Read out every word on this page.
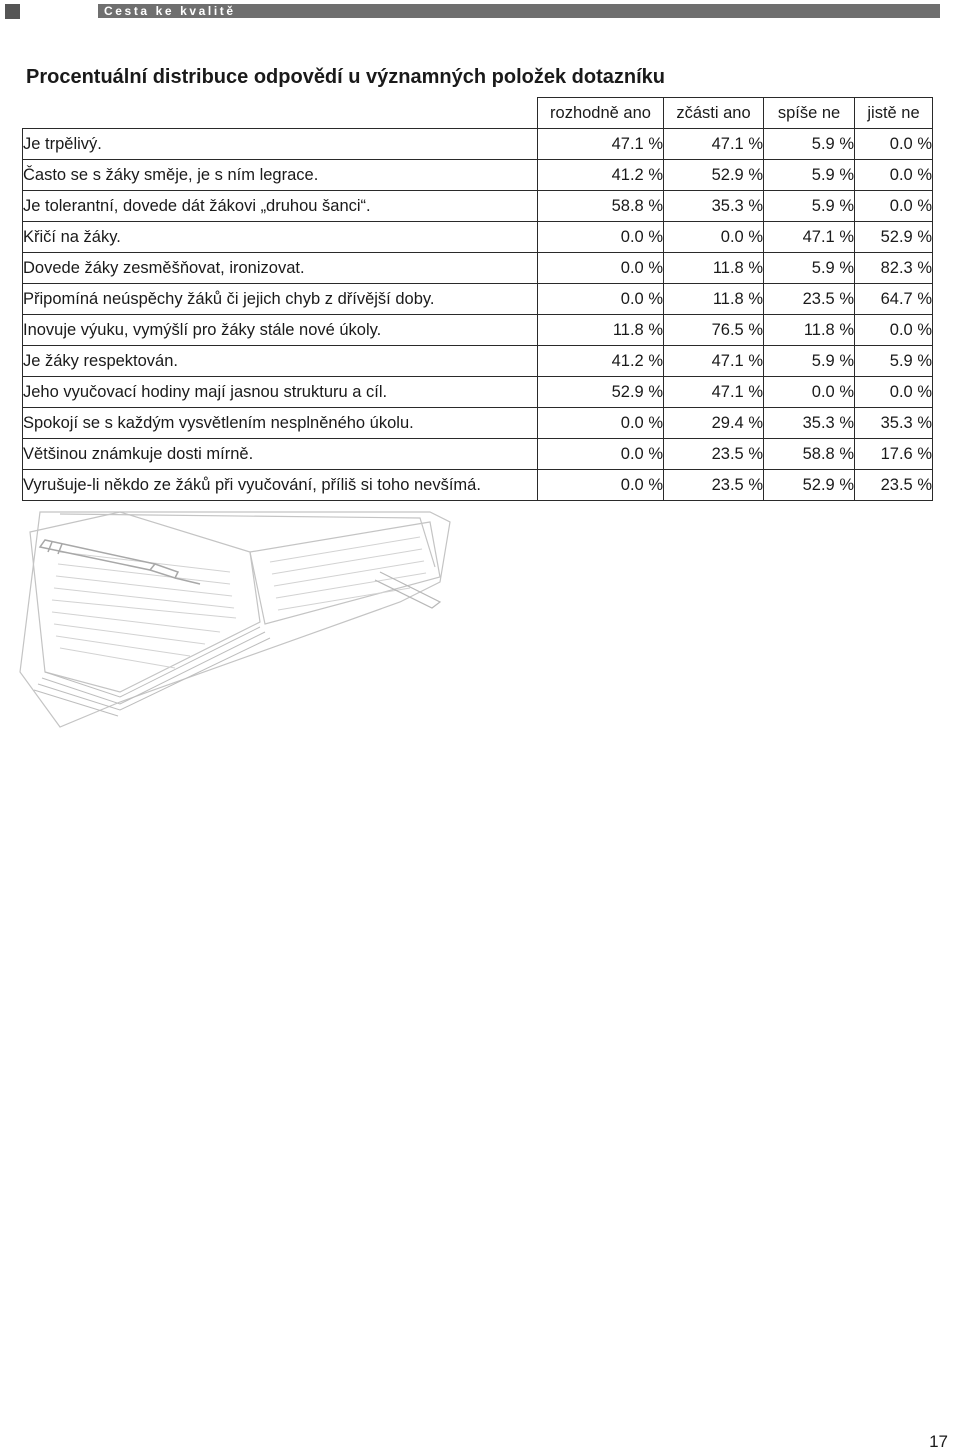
Cesta ke kvalitě
Procentuální distribuce odpovědí u významných položek dotazníku
	rozhodně ano	zčásti ano	spíše ne	jistě ne
Je trpělivý.	47.1 %	47.1 %	5.9 %	0.0 %
Často se s žáky směje, je s ním legrace.	41.2 %	52.9 %	5.9 %	0.0 %
Je tolerantní, dovede dát žákovi „druhou šanci“.	58.8 %	35.3 %	5.9 %	0.0 %
Křičí na žáky.	0.0 %	0.0 %	47.1 %	52.9 %
Dovede žáky zesměšňovat, ironizovat.	0.0 %	11.8 %	5.9 %	82.3 %
Připomíná neúspěchy žáků či jejich chyb z dřívější doby.	0.0 %	11.8 %	23.5 %	64.7 %
Inovuje výuku, vymýšlí pro žáky stále nové úkoly.	11.8 %	76.5 %	11.8 %	0.0 %
Je žáky respektován.	41.2 %	47.1 %	5.9 %	5.9 %
Jeho vyučovací hodiny mají jasnou strukturu a cíl.	52.9 %	47.1 %	0.0 %	0.0 %
Spokojí se s každým vysvětlením nesplněného úkolu.	0.0 %	29.4 %	35.3 %	35.3 %
Většinou známkuje dosti mírně.	0.0 %	23.5 %	58.8 %	17.6 %
Vyrušuje-li někdo ze žáků při vyučování, příliš si toho nevšímá.	0.0 %	23.5 %	52.9 %	23.5 %
17
